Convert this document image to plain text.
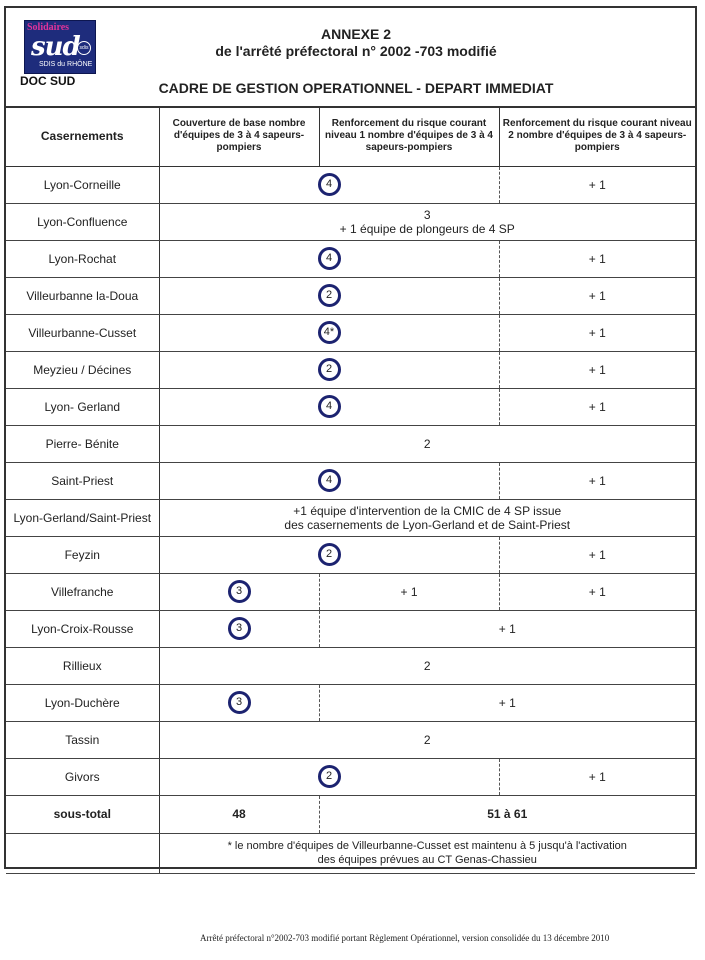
Solidaires
sud sdis
SDIS du RHÔNE
DOC SUD
ANNEXE 2
de l'arrêté préfectoral n° 2002 -703 modifié
CADRE DE GESTION OPERATIONNEL - DEPART IMMEDIAT
Casernements	Couverture de base nombre d'équipes de 3 à 4 sapeurs-pompiers	Renforcement du risque courant niveau 1 nombre d'équipes de 3 à 4 sapeurs-pompiers	Renforcement du risque courant niveau 2 nombre d'équipes de 3 à 4 sapeurs-pompiers
Lyon-Corneille	4		+ 1
Lyon-Confluence	3
+ 1 équipe de plongeurs de 4 SP		

Lyon-Rochat	4		+ 1
Villeurbanne la-Doua	2		+ 1
Villeurbanne-Cusset	4*		+ 1
Meyzieu / Décines	2		+ 1
Lyon- Gerland	4		+ 1
Pierre- Bénite	2		
Saint-Priest	4		+ 1
Lyon-Gerland/Saint-Priest	+1 équipe d'intervention de la CMIC de 4 SP issue
des casernements de Lyon-Gerland et de Saint-Priest		

Feyzin	2		+ 1
Villefranche	3	+ 1	+ 1
Lyon-Croix-Rousse	3	+ 1	
Rillieux	2		
Lyon-Duchère	3	+ 1	
Tassin	2		
Givors	2		+ 1
sous-total	48	51 à 61	

	* le nombre d'équipes de Villeurbanne-Cusset est maintenu à 5 jusqu'à l'activation
des équipes prévues au CT Genas-Chassieu		
Arrêté préfectoral n°2002-703 modifié portant Règlement Opérationnel, version consolidée du 13 décembre 2010
